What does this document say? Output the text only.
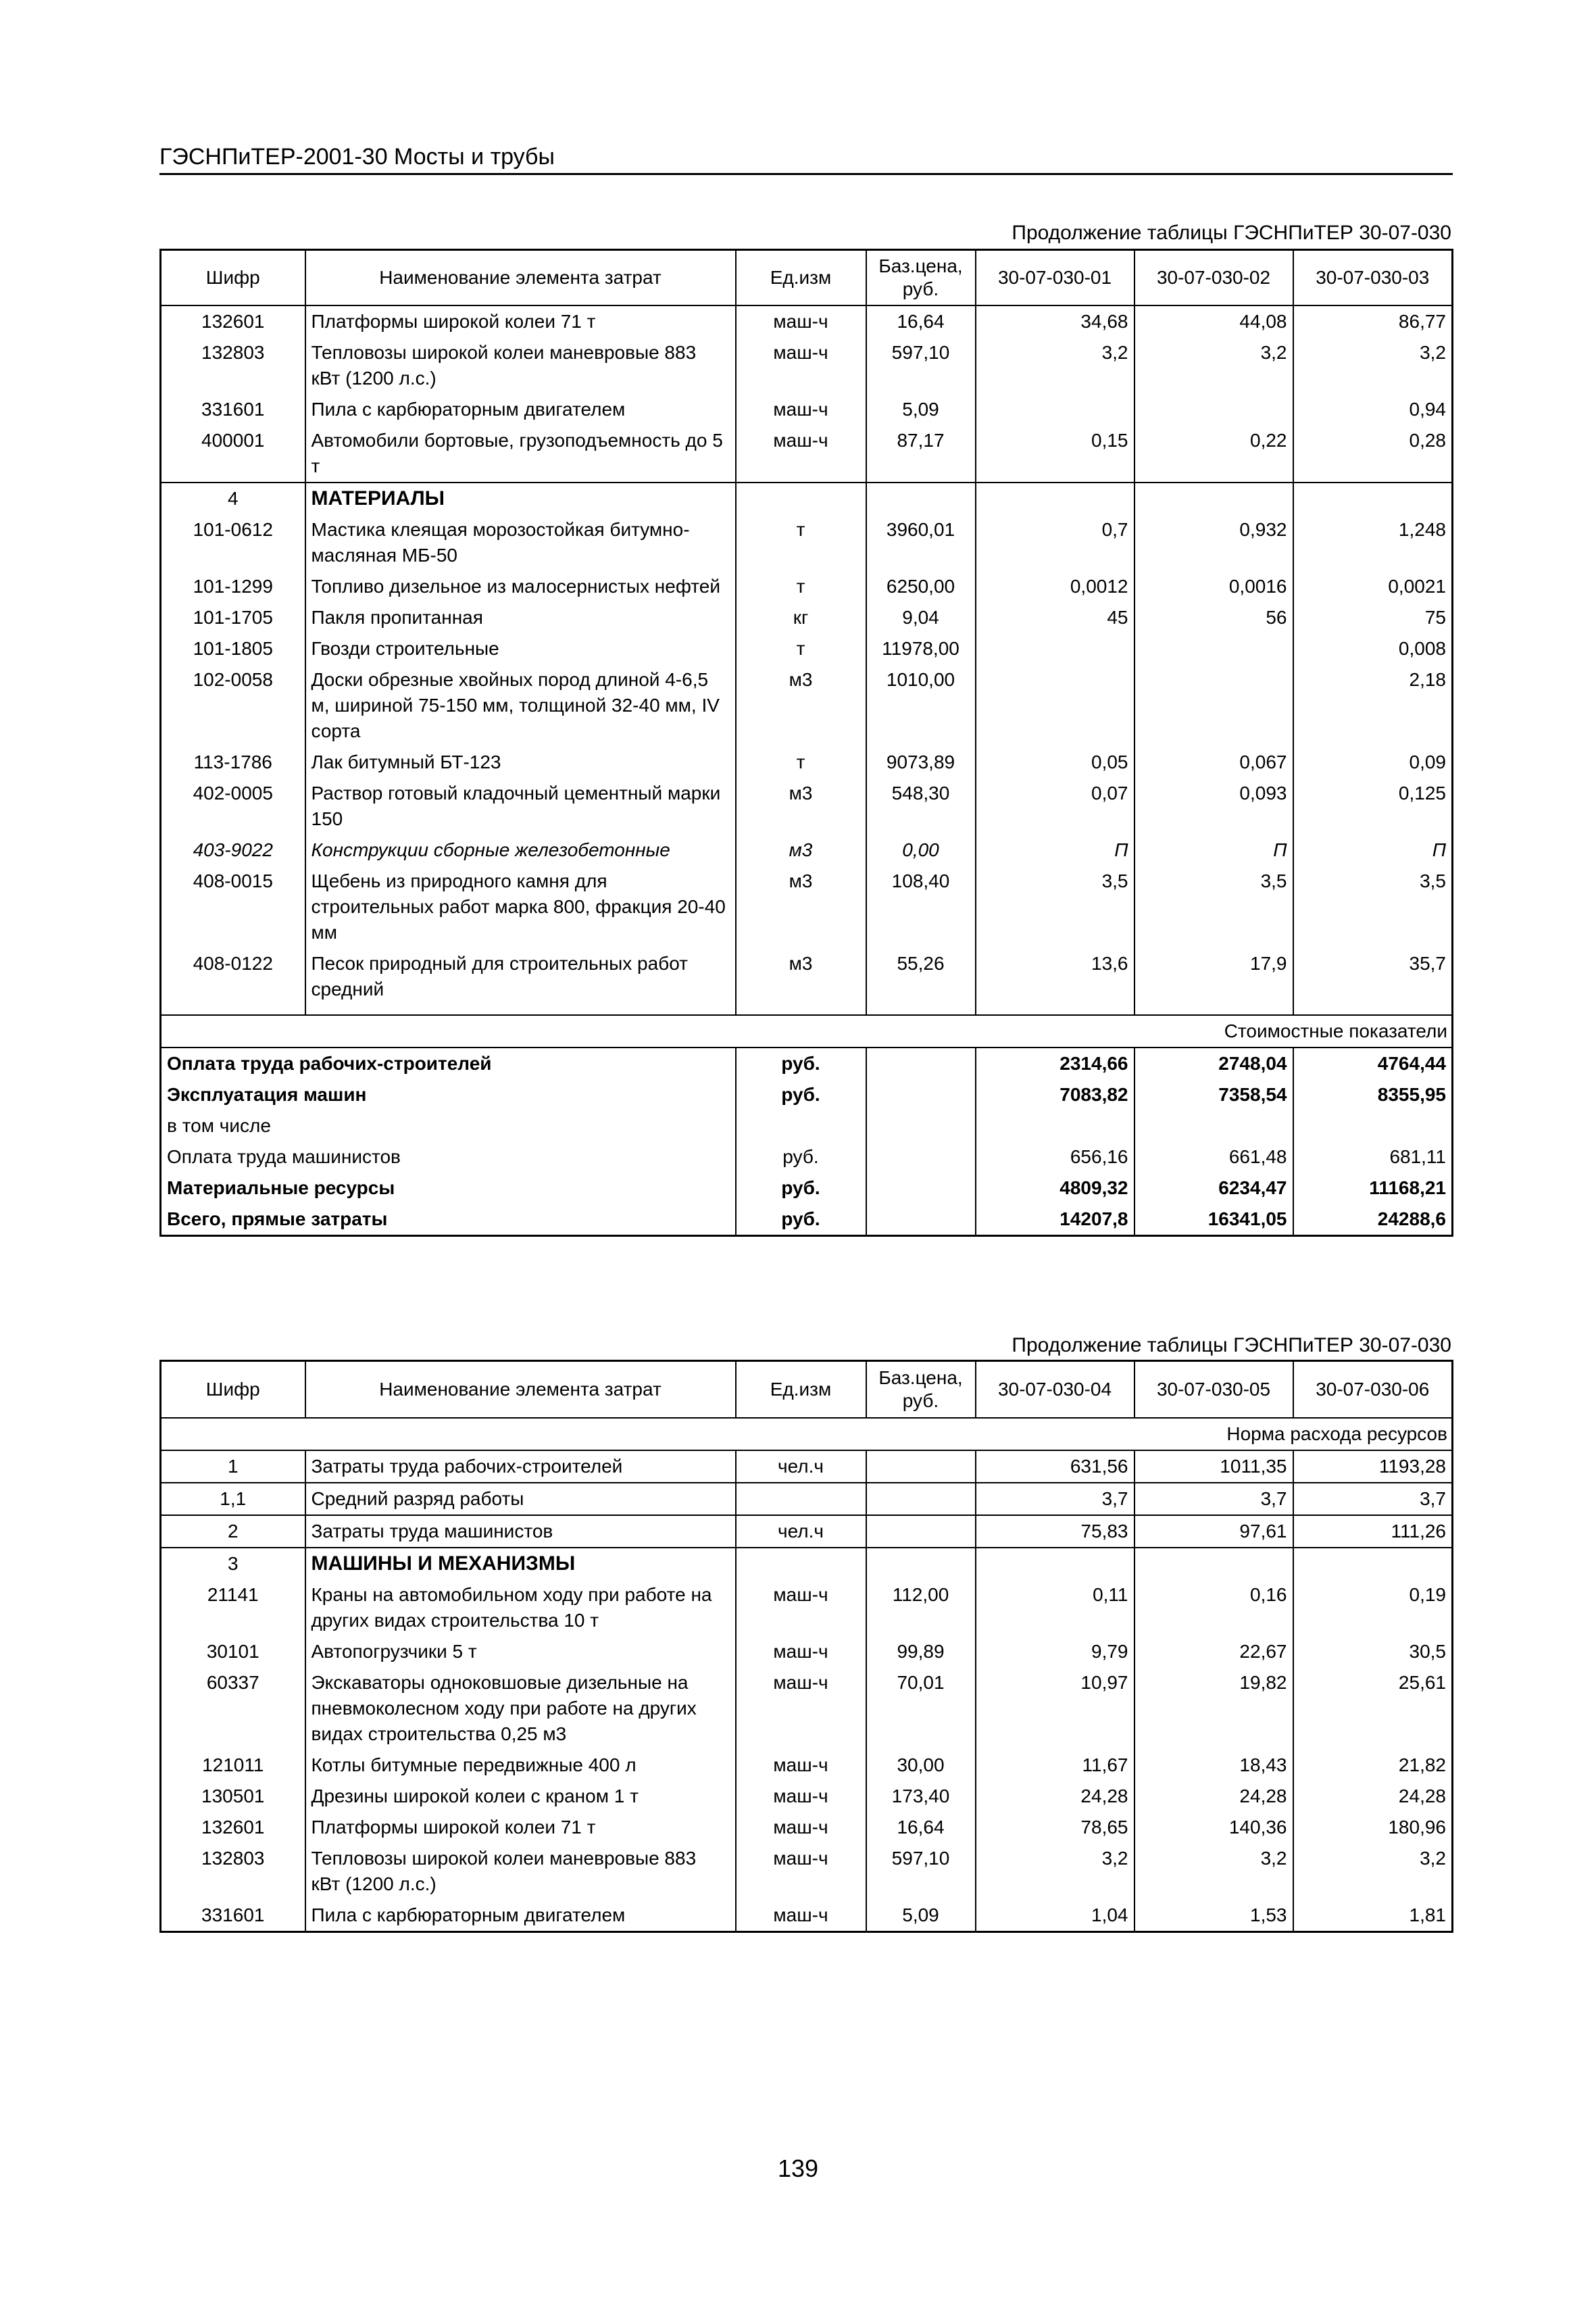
ГЭСНПиТЕР-2001-30 Мосты и трубы
Продолжение таблицы ГЭСНПиТЕР 30-07-030
Шифр	Наименование элемента затрат	Ед.изм	Баз.цена, руб.	30-07-030-01	30-07-030-02	30-07-030-03
132601	Платформы широкой колеи 71 т	маш-ч	16,64	34,68	44,08	86,77
132803	Тепловозы широкой колеи маневровые 883 кВт (1200 л.с.)	маш-ч	597,10	3,2	3,2	3,2
331601	Пила с карбюраторным двигателем	маш-ч	5,09			0,94
400001	Автомобили бортовые, грузоподъемность до 5 т	маш-ч	87,17	0,15	0,22	0,28
4	МАТЕРИАЛЫ					
101-0612	Мастика клеящая морозостойкая битумно-масляная МБ-50	т	3960,01	0,7	0,932	1,248
101-1299	Топливо дизельное из малосернистых нефтей	т	6250,00	0,0012	0,0016	0,0021
101-1705	Пакля пропитанная	кг	9,04	45	56	75
101-1805	Гвозди строительные	т	11978,00			0,008
102-0058	Доски обрезные хвойных пород длиной 4-6,5 м, шириной 75-150 мм, толщиной 32-40 мм, IV сорта	м3	1010,00			2,18
113-1786	Лак битумный БТ-123	т	9073,89	0,05	0,067	0,09
402-0005	Раствор готовый кладочный цементный марки 150	м3	548,30	0,07	0,093	0,125
403-9022	Конструкции сборные железобетонные	м3	0,00	П	П	П
408-0015	Щебень из природного камня для строительных работ марка 800, фракция 20-40 мм	м3	108,40	3,5	3,5	3,5
408-0122	Песок природный для строительных работ средний	м3	55,26	13,6	17,9	35,7

Стоимостные показатели						
Оплата труда рабочих-строителей		руб.		2314,66	2748,04	4764,44
Эксплуатация машин		руб.		7083,82	7358,54	8355,95
в том числе						
Оплата труда машинистов		руб.		656,16	661,48	681,11
Материальные ресурсы		руб.		4809,32	6234,47	11168,21
Всего, прямые затраты		руб.		14207,8	16341,05	24288,6
Продолжение таблицы ГЭСНПиТЕР 30-07-030
Шифр	Наименование элемента затрат	Ед.изм	Баз.цена, руб.	30-07-030-04	30-07-030-05	30-07-030-06
Норма расхода ресурсов						
1	Затраты труда рабочих-строителей	чел.ч		631,56	1011,35	1193,28
1,1	Средний разряд работы			3,7	3,7	3,7
2	Затраты труда машинистов	чел.ч		75,83	97,61	111,26
3	МАШИНЫ И МЕХАНИЗМЫ					
21141	Краны на автомобильном ходу при работе на других видах строительства 10 т	маш-ч	112,00	0,11	0,16	0,19
30101	Автопогрузчики 5 т	маш-ч	99,89	9,79	22,67	30,5
60337	Экскаваторы одноковшовые дизельные на пневмоколесном ходу при работе на других видах строительства 0,25 м3	маш-ч	70,01	10,97	19,82	25,61
121011	Котлы битумные передвижные 400 л	маш-ч	30,00	11,67	18,43	21,82
130501	Дрезины широкой колеи с краном 1 т	маш-ч	173,40	24,28	24,28	24,28
132601	Платформы широкой колеи 71 т	маш-ч	16,64	78,65	140,36	180,96
132803	Тепловозы широкой колеи маневровые 883 кВт (1200 л.с.)	маш-ч	597,10	3,2	3,2	3,2
331601	Пила с карбюраторным двигателем	маш-ч	5,09	1,04	1,53	1,81
139
